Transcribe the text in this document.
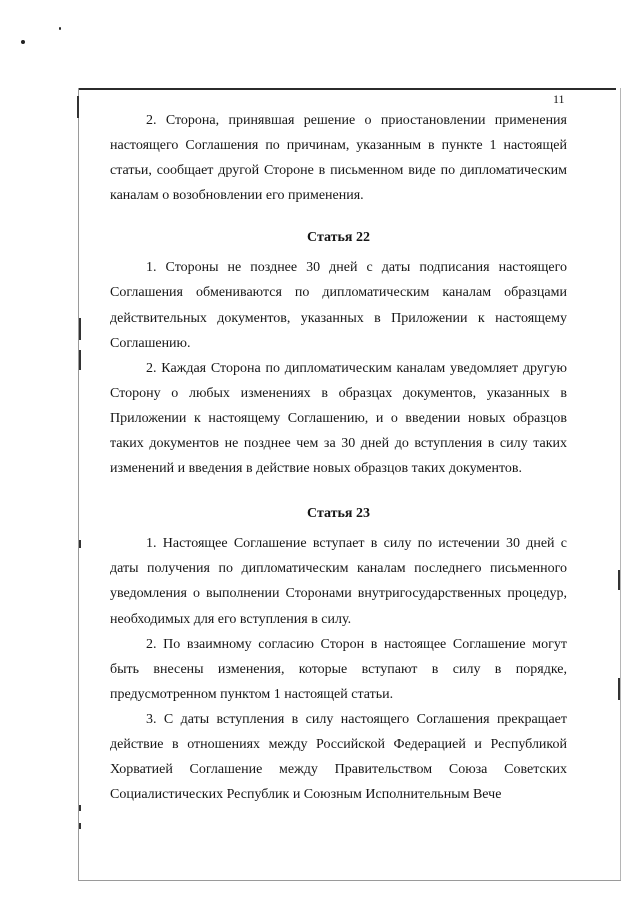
11

2. Сторона, принявшая решение о приостановлении применения настоящего Соглашения по причинам, указанным в пункте 1 настоящей статьи, сообщает другой Стороне в письменном виде по дипломатическим каналам о возобновлении его применения.

Статья 22

1. Стороны не позднее 30 дней с даты подписания настоящего Соглашения обмениваются по дипломатическим каналам образцами действительных документов, указанных в Приложении к настоящему Соглашению.

2. Каждая Сторона по дипломатическим каналам уведомляет другую Сторону о любых изменениях в образцах документов, указанных в Приложении к настоящему Соглашению, и о введении новых образцов таких документов не позднее чем за 30 дней до вступления в силу таких изменений и введения в действие новых образцов таких документов.

Статья 23

1. Настоящее Соглашение вступает в силу по истечении 30 дней с даты получения по дипломатическим каналам последнего письменного уведомления о выполнении Сторонами внутригосударственных процедур, необходимых для его вступления в силу.

2. По взаимному согласию Сторон в настоящее Соглашение могут быть внесены изменения, которые вступают в силу в порядке, предусмотренном пунктом 1 настоящей статьи.

3. С даты вступления в силу настоящего Соглашения прекращает действие в отношениях между Российской Федерацией и Республикой Хорватией Соглашение между Правительством Союза Советских Социалистических Республик и Союзным Исполнительным Вече
